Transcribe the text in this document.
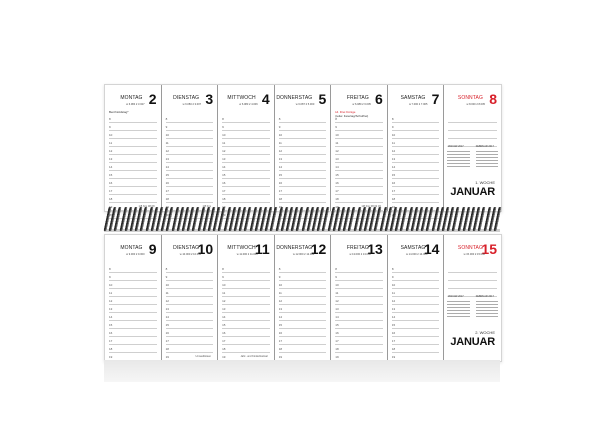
MONTAG 2
w 6.084 2 3.027
Berchtoldstag*
8
9
10
11
12
13
14
15
16
17
18
19
20
1/8 h/m 08·08
DIENSTAG 3
w 6.083 2 3.007
8
9
10
11
12
13
14
15
16
17
18
19
20
1/8 h/m
MITTWOCH 4
w 6.083 2 4.006
8
9
10
11
12
13
14
15
16
17
18
19
20
DONNERSTAG 5
w 6.087 2 5.000
8
9
10
11
12
13
14
15
16
17
18
19
20
FREITAG 6
w 6.089 2 6.005
Hl. Drei Könige
(teilw. Feiertag/Schulfrei)
8
9
10
11
12
13
14
15
16
17
18
19
20
1/8 h/m 08 02 03
SAMSTAG 7
w 7.000 2 7.005
8
9
10
11
12
13
14
15
16
17
18
19
20
SONNTAG 8
w 8.000 2 8.005
JANUAR 2017	FEBRUAR 2017
1. WOCHE
JANUAR
MONTAG 9
w 9.000 2 9.000
8
9
10
11
12
13
14
15
16
17
18
19
DIENSTAG
10
w 10.000 2 10.000
8
9
10
11
12
13
14
15
16
17
18
19	Umweltlotsen
MITTWOCH 11
w 11.000 2 11.000
8
9
10
11
12
13
14
15
16
17
18
19	Jahr- und Kinderfestival
DONNERSTAG
12
w 12.000 2 12.000
8
9
10
11
12
13
14
15
16
17
18
19
FREITAG
13
w 13.000 2 13.000
8
9
10
11
12
13
14
15
16
17
18
19
SAMSTAG
14
w 14.000 2 14.000
8
9
10
11
12
13
14
15
16
17
18
19
SONNTAG
15
w 15.000 2 15.000
JANUAR 2017	FEBRUAR 2017
2. WOCHE
JANUAR
